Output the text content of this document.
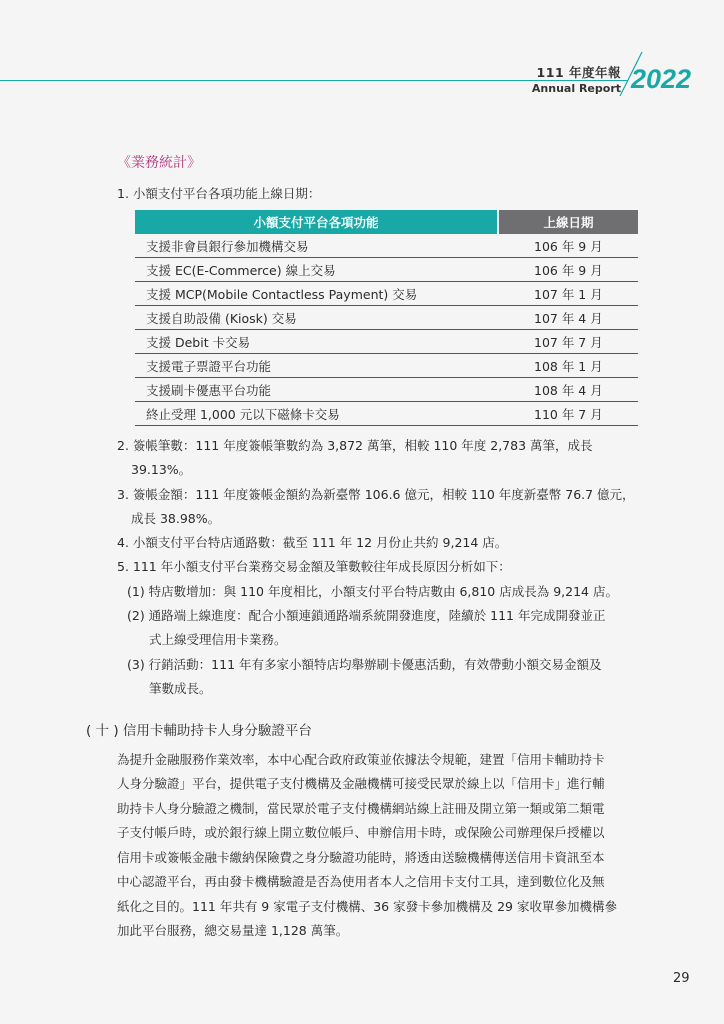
111 年度年報
Annual Report 2022
《業務統計》
1. 小額支付平台各項功能上線日期：
小額支付平台各項功能	上線日期
支援非會員銀行參加機構交易	106 年 9 月
支援 EC(E-Commerce) 線上交易	106 年 9 月
支援 MCP(Mobile Contactless Payment) 交易	107 年 1 月
支援自助設備 (Kiosk) 交易	107 年 4 月
支援 Debit 卡交易	107 年 7 月
支援電子票證平台功能	108 年 1 月
支援刷卡優惠平台功能	108 年 4 月
終止受理 1,000 元以下磁條卡交易	110 年 7 月
2. 簽帳筆數：111 年度簽帳筆數約為 3,872 萬筆，相較 110 年度 2,783 萬筆，成長
39.13%。
3. 簽帳金額：111 年度簽帳金額約為新臺幣 106.6 億元，相較 110 年度新臺幣 76.7 億元，
成長 38.98%。
4. 小額支付平台特店通路數：截至 111 年 12 月份止共約 9,214 店。
5. 111 年小額支付平台業務交易金額及筆數較往年成長原因分析如下：
(1) 特店數增加：與 110 年度相比，小額支付平台特店數由 6,810 店成長為 9,214 店。
(2) 通路端上線進度：配合小額連鎖通路端系統開發進度，陸續於 111 年完成開發並正
式上線受理信用卡業務。
(3) 行銷活動：111 年有多家小額特店均舉辦刷卡優惠活動，有效帶動小額交易金額及
筆數成長。
( 十 ) 信用卡輔助持卡人身分驗證平台
為提升金融服務作業效率，本中心配合政府政策並依據法令規範，建置「信用卡輔助持卡
人身分驗證」平台，提供電子支付機構及金融機構可接受民眾於線上以「信用卡」進行輔
助持卡人身分驗證之機制，當民眾於電子支付機構網站線上註冊及開立第一類或第二類電
子支付帳戶時，或於銀行線上開立數位帳戶、申辦信用卡時，或保險公司辦理保戶授權以
信用卡或簽帳金融卡繳納保險費之身分驗證功能時，將透由送驗機構傳送信用卡資訊至本
中心認證平台，再由發卡機構驗證是否為使用者本人之信用卡支付工具，達到數位化及無
紙化之目的。111 年共有 9 家電子支付機構、36 家發卡參加機構及 29 家收單參加機構參
加此平台服務，總交易量達 1,128 萬筆。
29
